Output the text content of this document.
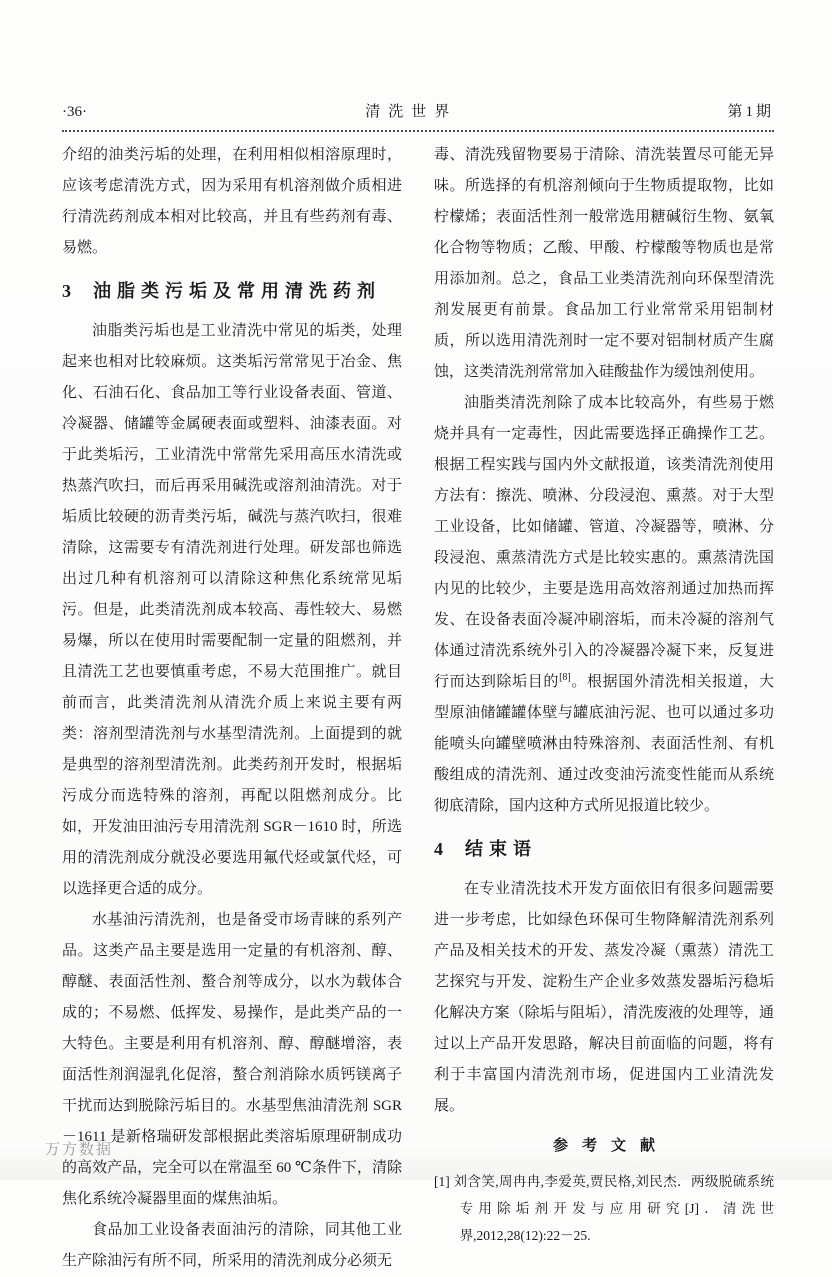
·36·	清洗世界	第1期

介绍的油类污垢的处理，在利用相似相溶原理时，应该考虑清洗方式，因为采用有机溶剂做介质相进行清洗药剂成本相对比较高，并且有些药剂有毒、易燃。

3 油脂类污垢及常用清洗药剂

油脂类污垢也是工业清洗中常见的垢类，处理起来也相对比较麻烦。这类垢污常常见于冶金、焦化、石油石化、食品加工等行业设备表面、管道、冷凝器、储罐等金属硬表面或塑料、油漆表面。对于此类垢污，工业清洗中常常先采用高压水清洗或热蒸汽吹扫，而后再采用碱洗或溶剂油清洗。对于垢质比较硬的沥青类污垢，碱洗与蒸汽吹扫，很难清除，这需要专有清洗剂进行处理。研发部也筛选出过几种有机溶剂可以清除这种焦化系统常见垢污。但是，此类清洗剂成本较高、毒性较大、易燃易爆，所以在使用时需要配制一定量的阻燃剂，并且清洗工艺也要慎重考虑，不易大范围推广。就目前而言，此类清洗剂从清洗介质上来说主要有两类：溶剂型清洗剂与水基型清洗剂。上面提到的就是典型的溶剂型清洗剂。此类药剂开发时，根据垢污成分而选特殊的溶剂，再配以阻燃剂成分。比如，开发油田油污专用清洗剂 SGR－1610 时，所选用的清洗剂成分就没必要选用氟代烃或氯代烃，可以选择更合适的成分。

水基油污清洗剂，也是备受市场青睐的系列产品。这类产品主要是选用一定量的有机溶剂、醇、醇醚、表面活性剂、螯合剂等成分，以水为载体合成的；不易燃、低挥发、易操作，是此类产品的一大特色。主要是利用有机溶剂、醇、醇醚增溶，表面活性剂润湿乳化促溶，螯合剂消除水质钙镁离子干扰而达到脱除污垢目的。水基型焦油清洗剂 SGR－1611 是新格瑞研发部根据此类溶垢原理研制成功的高效产品，完全可以在常温至 60 ℃条件下，清除焦化系统冷凝器里面的煤焦油垢。

食品加工业设备表面油污的清除，同其他工业生产除油污有所不同，所采用的清洗剂成分必须无

毒、清洗残留物要易于清除、清洗装置尽可能无异味。所选择的有机溶剂倾向于生物质提取物，比如柠檬烯；表面活性剂一般常选用糖碱衍生物、氨氧化合物等物质；乙酸、甲酸、柠檬酸等物质也是常用添加剂。总之，食品工业类清洗剂向环保型清洗剂发展更有前景。食品加工行业常常采用铝制材质，所以选用清洗剂时一定不要对铝制材质产生腐蚀，这类清洗剂常常加入硅酸盐作为缓蚀剂使用。

油脂类清洗剂除了成本比较高外，有些易于燃烧并具有一定毒性，因此需要选择正确操作工艺。根据工程实践与国内外文献报道，该类清洗剂使用方法有：擦洗、喷淋、分段浸泡、熏蒸。对于大型工业设备，比如储罐、管道、冷凝器等，喷淋、分段浸泡、熏蒸清洗方式是比较实惠的。熏蒸清洗国内见的比较少，主要是选用高效溶剂通过加热而挥发、在设备表面冷凝冲刷溶垢，而未冷凝的溶剂气体通过清洗系统外引入的冷凝器冷凝下来，反复进行而达到除垢目的[8]。根据国外清洗相关报道，大型原油储罐罐体壁与罐底油污泥、也可以通过多功能喷头向罐壁喷淋由特殊溶剂、表面活性剂、有机酸组成的清洗剂、通过改变油污流变性能而从系统彻底清除，国内这种方式所见报道比较少。

4 结束语

在专业清洗技术开发方面依旧有很多问题需要进一步考虑，比如绿色环保可生物降解清洗剂系列产品及相关技术的开发、蒸发冷凝（熏蒸）清洗工艺探究与开发、淀粉生产企业多效蒸发器垢污稳垢化解决方案（除垢与阻垢），清洗废液的处理等，通过以上产品开发思路，解决目前面临的问题，将有利于丰富国内清洗剂市场，促进国内工业清洗发展。

参考文献
[1] 刘含笑,周冉冉,李爱英,贾民格,刘民杰．两级脱硫系统专用除垢剂开发与应用研究[J]．清洗世界,2012,28(12):22－25.
万方数据
